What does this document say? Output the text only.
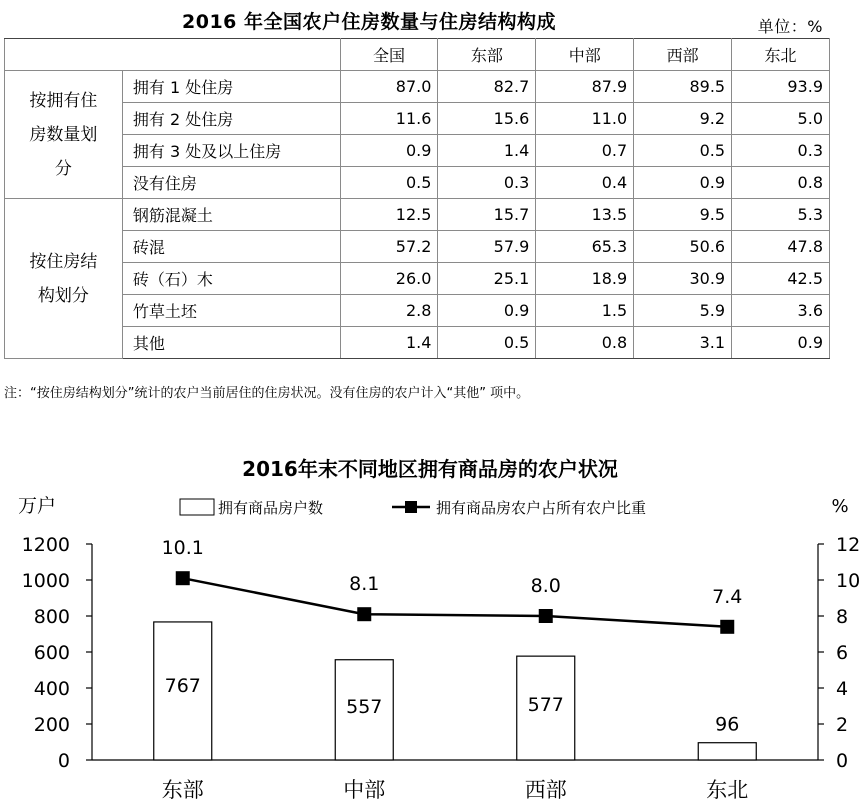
2016 年全国农户住房数量与住房结构构成	单位：%
		全国	东部	中部	西部	东北
按拥有住房数量划分	拥有 1 处住房	87.0	82.7	87.9	89.5	93.9
	拥有 2 处住房	11.6	15.6	11.0	9.2	5.0
	拥有 3 处及以上住房	0.9	1.4	0.7	0.5	0.3
	没有住房	0.5	0.3	0.4	0.9	0.8
按住房结构划分	钢筋混凝土	12.5	15.7	13.5	9.5	5.3
	砖混	57.2	57.9	65.3	50.6	47.8
	砖（石）木	26.0	25.1	18.9	30.9	42.5
	竹草土坯	2.8	0.9	1.5	5.9	3.6
	其他	1.4	0.5	0.8	3.1	0.9
注：“按住房结构划分”统计的农户当前居住的住房状况。没有住房的农户计入“其他” 项中。
2016年末不同地区拥有商品房的农户状况
万户	%
拥有商品房户数	拥有商品房农户占所有农户比重
0
200
400
600
800
1000
1200
0
2
4
6
8
10
12
767
557	577
96
10.1
8.1	8.0	7.4
东部	中部	西部	东北
